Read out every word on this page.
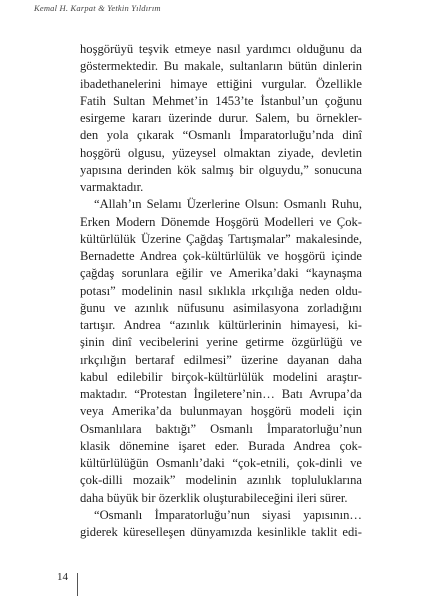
Kemal H. Karpat & Yetkin Yıldırım
hoşgörüyü teşvik etmeye nasıl yardımcı olduğunu da
göstermektedir. Bu makale, sultanların bütün dinlerin
ibadethanelerini himaye ettiğini vurgular. Özellikle
Fatih Sultan Mehmet’in 1453’te İstanbul’un çoğunu
esirgeme kararı üzerinde durur. Salem, bu örnekler-
den yola çıkarak “Osmanlı İmparatorluğu’nda dinî
hoşgörü olgusu, yüzeysel olmaktan ziyade, devletin
yapısına derinden kök salmış bir olguydu,” sonucuna
varmaktadır.
“Allah’ın Selamı Üzerlerine Olsun: Osmanlı Ruhu,
Erken Modern Dönemde Hoşgörü Modelleri ve Çok-
kültürlülük Üzerine Çağdaş Tartışmalar” makalesinde,
Bernadette Andrea çok-kültürlülük ve hoşgörü içinde
çağdaş sorunlara eğilir ve Amerika’daki “kaynaşma
potası” modelinin nasıl sıklıkla ırkçılığa neden oldu-
ğunu ve azınlık nüfusunu asimilasyona zorladığını
tartışır. Andrea “azınlık kültürlerinin himayesi, ki-
şinin dinî vecibelerini yerine getirme özgürlüğü ve
ırkçılığın bertaraf edilmesi” üzerine dayanan daha
kabul edilebilir birçok-kültürlülük modelini araştır-
maktadır. “Protestan İngiletere’nin… Batı Avrupa’da
veya Amerika’da bulunmayan hoşgörü modeli için
Osmanlılara baktığı” Osmanlı İmparatorluğu’nun
klasik dönemine işaret eder. Burada Andrea çok-
kültürlülüğün Osmanlı’daki “çok-etnili, çok-dinli ve
çok-dilli mozaik” modelinin azınlık topluluklarına
daha büyük bir özerklik oluşturabileceğini ileri sürer.
“Osmanlı İmparatorluğu’nun siyasi yapısının…
giderek küreselleşen dünyamızda kesinlikle taklit edi-
14
